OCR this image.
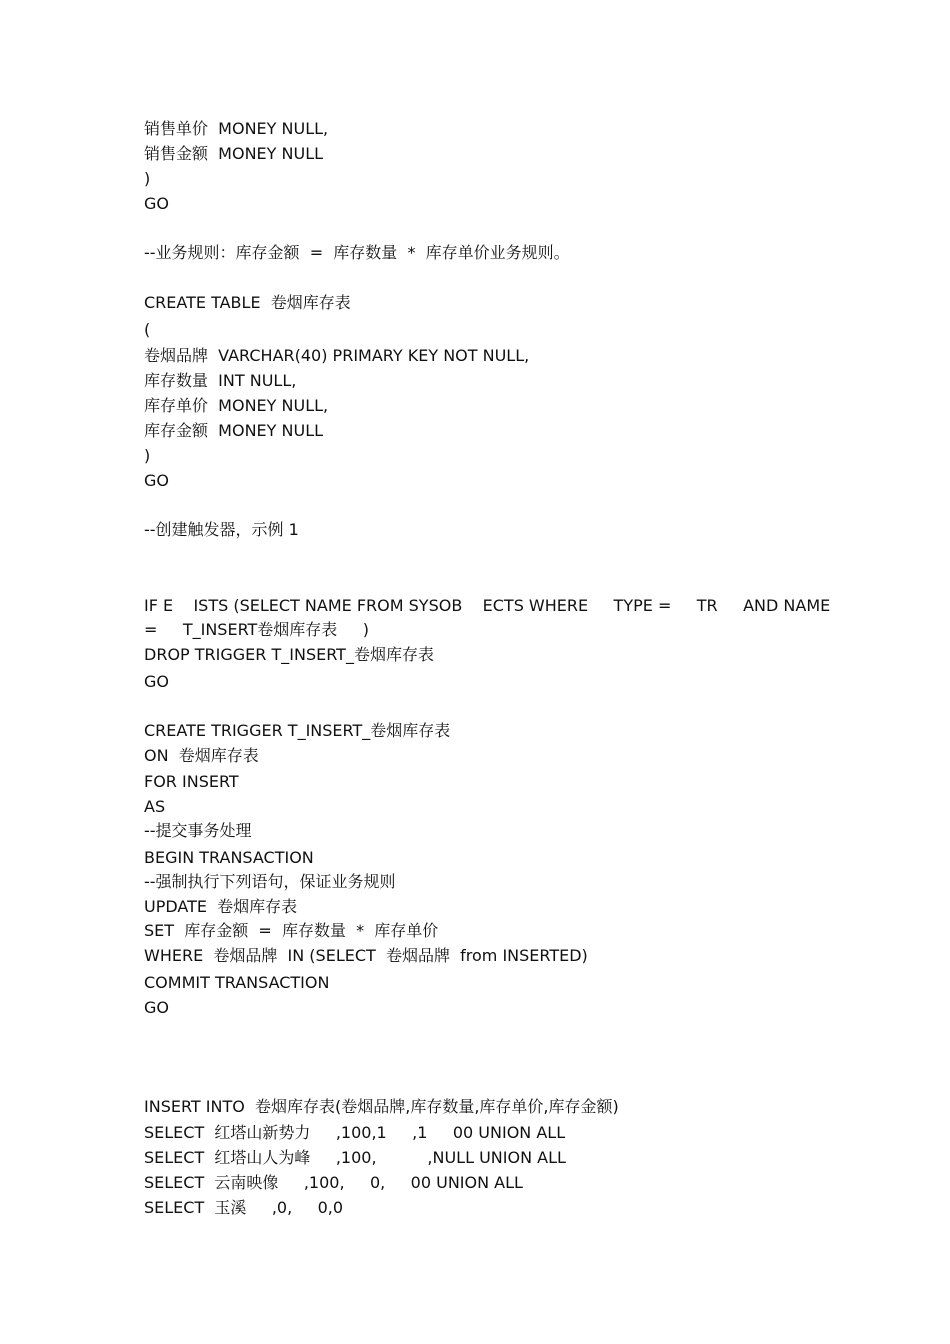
销售单价  MONEY NULL,
销售金额  MONEY NULL
)
GO
--业务规则：库存金额  =  库存数量  *  库存单价业务规则。
CREATE TABLE  卷烟库存表
(
卷烟品牌  VARCHAR(40) PRIMARY KEY NOT NULL,
库存数量  INT NULL,
库存单价  MONEY NULL,
库存金额  MONEY NULL
)
GO
--创建触发器，示例 1
IF E    ISTS (SELECT NAME FROM SYSOB    ECTS WHERE     TYPE =     TR     AND NAME
=     T_INSERT卷烟库存表     )
DROP TRIGGER T_INSERT_卷烟库存表
GO
CREATE TRIGGER T_INSERT_卷烟库存表
ON  卷烟库存表
FOR INSERT
AS
--提交事务处理
BEGIN TRANSACTION
--强制执行下列语句，保证业务规则
UPDATE  卷烟库存表
SET  库存金额  =  库存数量  *  库存单价
WHERE  卷烟品牌  IN (SELECT  卷烟品牌  from INSERTED)
COMMIT TRANSACTION
GO
INSERT INTO  卷烟库存表(卷烟品牌,库存数量,库存单价,库存金额)
SELECT  红塔山新势力     ,100,1     ,1     00 UNION ALL
SELECT  红塔山人为峰     ,100,          ,NULL UNION ALL
SELECT  云南映像     ,100,     0,     00 UNION ALL
SELECT  玉溪     ,0,     0,0
